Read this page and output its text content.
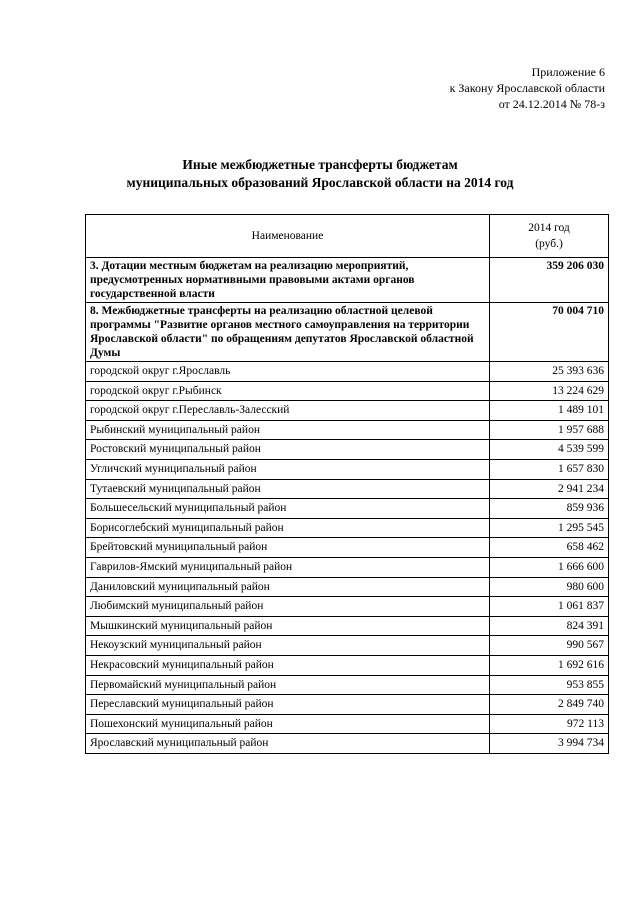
Приложение 6
к Закону Ярославской области
от 24.12.2014 № 78-з
Иные межбюджетные трансферты бюджетам
муниципальных образований Ярославской области на 2014 год
Наименование	2014 год
(руб.)

3. Дотации местным бюджетам на реализацию мероприятий, предусмотренных нормативными правовыми актами органов государственной власти	359 206 030
8. Межбюджетные трансферты на реализацию областной целевой программы "Развитие органов местного самоуправления на территории Ярославской области" по обращениям депутатов Ярославской областной Думы	70 004 710
городской округ г.Ярославль	25 393 636
городской округ г.Рыбинск	13 224 629
городской округ г.Переславль-Залесский	1 489 101
Рыбинский муниципальный район	1 957 688
Ростовский муниципальный район	4 539 599
Угличский муниципальный район	1 657 830
Тутаевский муниципальный район	2 941 234
Большесельский муниципальный район	859 936
Борисоглебский муниципальный район	1 295 545
Брейтовский муниципальный район	658 462
Гаврилов-Ямский муниципальный район	1 666 600
Даниловский муниципальный район	980 600
Любимский муниципальный район	1 061 837
Мышкинский муниципальный район	824 391
Некоузский муниципальный район	990 567
Некрасовский муниципальный район	1 692 616
Первомайский муниципальный район	953 855
Переславский муниципальный район	2 849 740
Пошехонский муниципальный район	972 113
Ярославский муниципальный район	3 994 734
